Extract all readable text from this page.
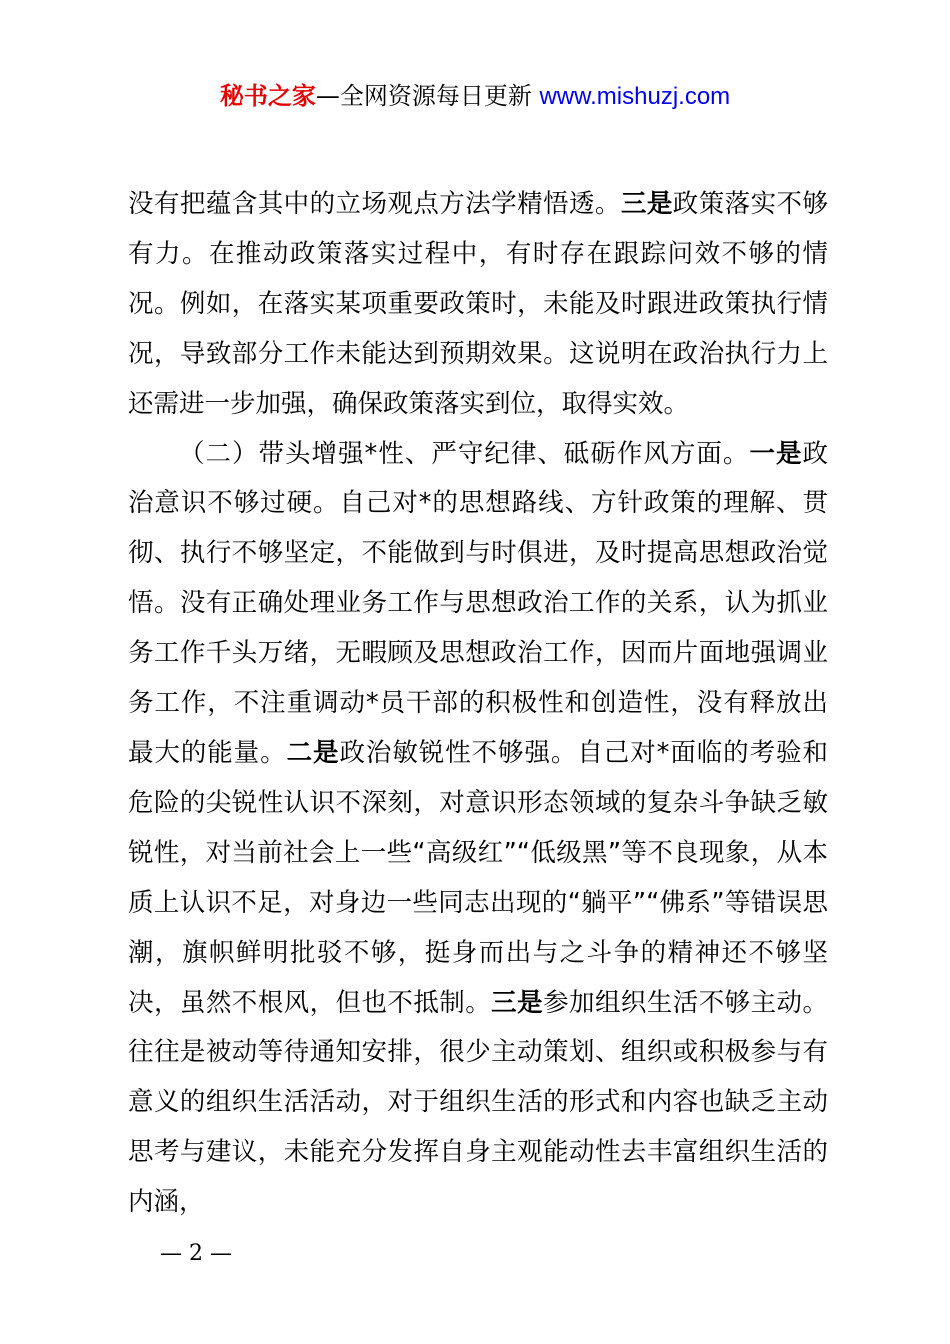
秘书之家—全网资源每日更新 www.mishuzj.com

没有把蕴含其中的立场观点方法学精悟透。三是政策落实不够有力。在推动政策落实过程中，有时存在跟踪问效不够的情况。例如，在落实某项重要政策时，未能及时跟进政策执行情况，导致部分工作未能达到预期效果。这说明在政治执行力上还需进一步加强，确保政策落实到位，取得实效。

（二）带头增强*性、严守纪律、砥砺作风方面。一是政治意识不够过硬。自己对*的思想路线、方针政策的理解、贯彻、执行不够坚定，不能做到与时俱进，及时提高思想政治觉悟。没有正确处理业务工作与思想政治工作的关系，认为抓业务工作千头万绪，无暇顾及思想政治工作，因而片面地强调业务工作，不注重调动*员干部的积极性和创造性，没有释放出最大的能量。二是政治敏锐性不够强。自己对*面临的考验和危险的尖锐性认识不深刻，对意识形态领域的复杂斗争缺乏敏锐性，对当前社会上一些“高级红”“低级黑”等不良现象，从本质上认识不足，对身边一些同志出现的“躺平”“佛系”等错误思潮，旗帜鲜明批驳不够，挺身而出与之斗争的精神还不够坚决，虽然不根风，但也不抵制。三是参加组织生活不够主动。往往是被动等待通知安排，很少主动策划、组织或积极参与有意义的组织生活活动，对于组织生活的形式和内容也缺乏主动思考与建议，未能充分发挥自身主观能动性去丰富组织生活的内涵，

— 2 —
